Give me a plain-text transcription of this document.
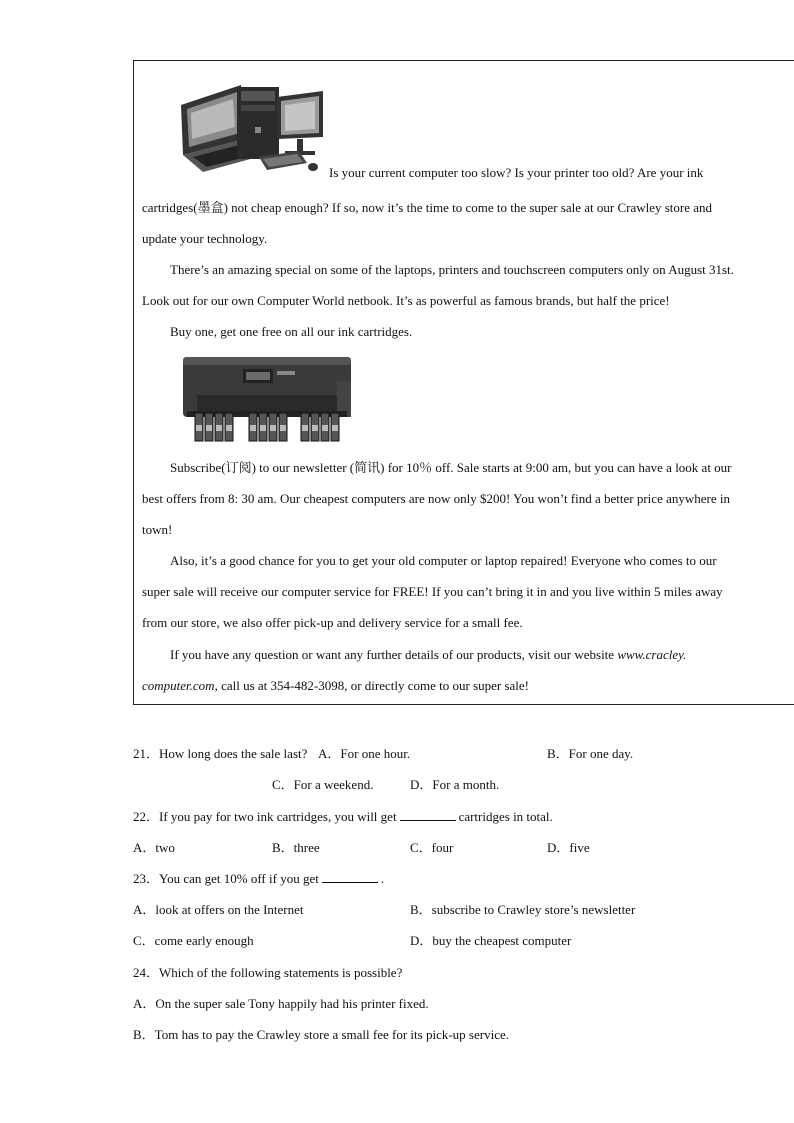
Is your current computer too slow? Is your printer too old? Are your ink
cartridges(墨盒) not cheap enough? If so, now it’s the time to come to the super sale at our Crawley store and
update your technology.
There’s an amazing special on some of the laptops, printers and touchscreen computers only on August 31st.
Look out for our own Computer World netbook. It’s as powerful as famous brands, but half the price!
Buy one, get one free on all our ink cartridges.
Subscribe(订阅) to our newsletter (简讯) for 10％ off. Sale starts at 9:00 am, but you can have a look at our
best offers from 8: 30 am. Our cheapest computers are now only $200! You won’t find a better price anywhere in
town!
Also, it’s a good chance for you to get your old computer or laptop repaired! Everyone who comes to our
super sale will receive our computer service for FREE! If you can’t bring it in and you live within 5 miles away
from our store, we also offer pick-up and delivery service for a small fee.
If you have any question or want any further details of our products, visit our website www.cracley.
computer.com, call us at 354-482-3098, or directly come to our super sale!
21．How long does the sale last? A．For one hour.	B．For one day.
C．For a weekend.	D．For a month.
22．If you pay for two ink cartridges, you will get	cartridges in total.
A．two	B．three	C．four	D．five
23．You can get 10% off if you get	.
A．look at offers on the Internet	B．subscribe to Crawley store’s newsletter
C．come early enough	D．buy the cheapest computer
24．Which of the following statements is possible?
A．On the super sale Tony happily had his printer fixed.
B．Tom has to pay the Crawley store a small fee for its pick-up service.
